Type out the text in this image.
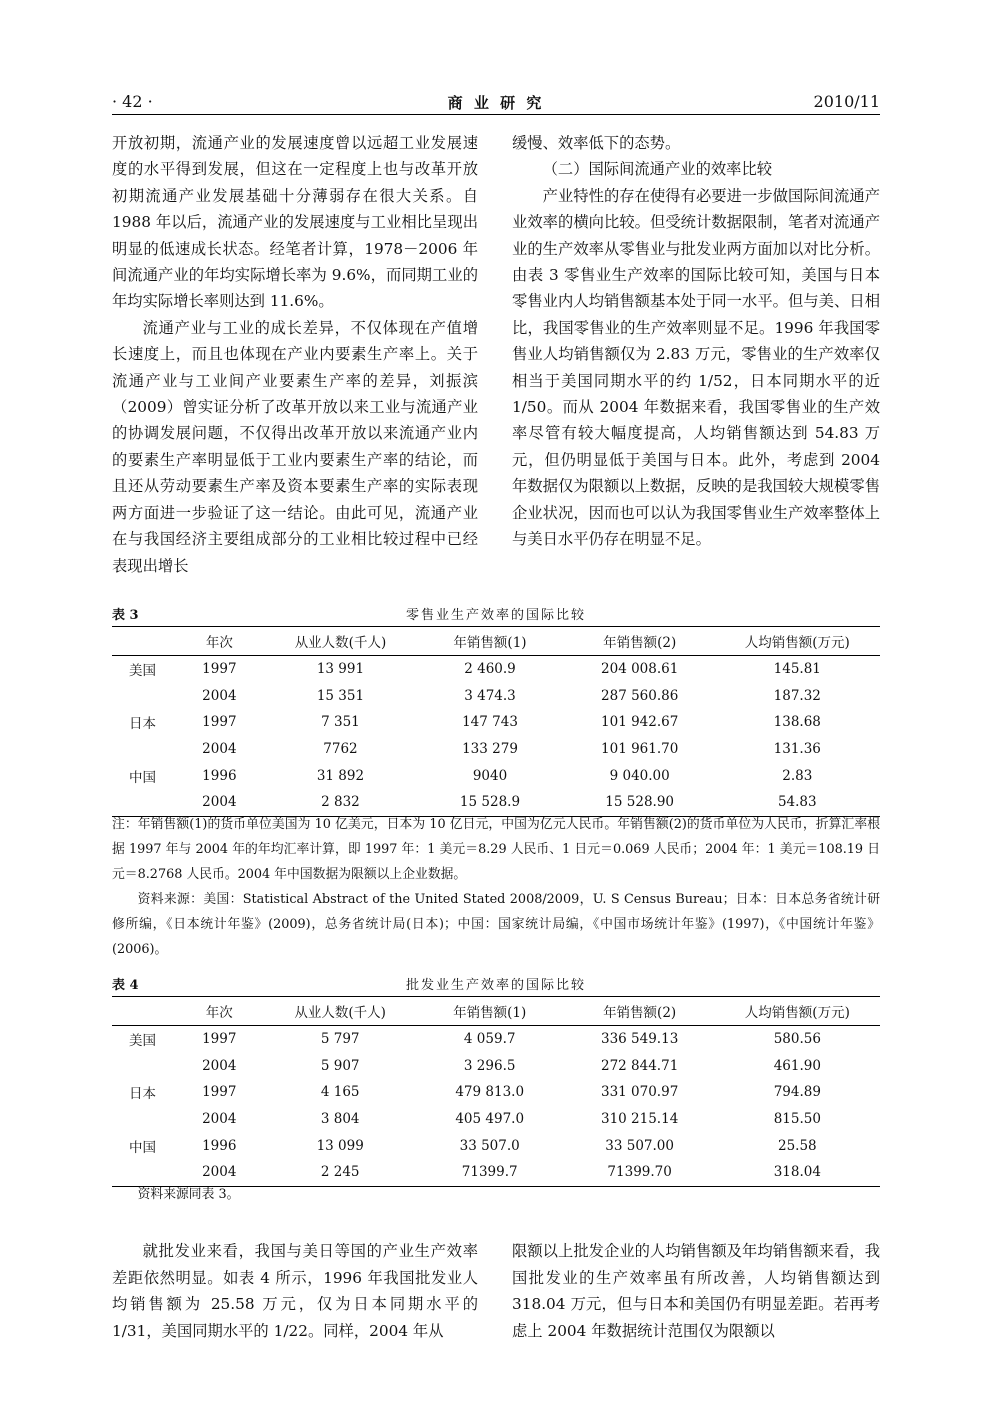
· 42 ·	商 业 研 究	2010/11

开放初期，流通产业的发展速度曾以远超工业发展速度的水平得到发展，但这在一定程度上也与改革开放初期流通产业发展基础十分薄弱存在很大关系。自 1988 年以后，流通产业的发展速度与工业相比呈现出明显的低速成长状态。经笔者计算，1978－2006 年间流通产业的年均实际增长率为 9.6%，而同期工业的年均实际增长率则达到 11.6%。

流通产业与工业的成长差异，不仅体现在产值增长速度上，而且也体现在产业内要素生产率上。关于流通产业与工业间产业要素生产率的差异，刘振滨（2009）曾实证分析了改革开放以来工业与流通产业的协调发展问题，不仅得出改革开放以来流通产业内的要素生产率明显低于工业内要素生产率的结论，而且还从劳动要素生产率及资本要素生产率的实际表现两方面进一步验证了这一结论。由此可见，流通产业在与我国经济主要组成部分的工业相比较过程中已经表现出增长

缓慢、效率低下的态势。

（二）国际间流通产业的效率比较

产业特性的存在使得有必要进一步做国际间流通产业效率的横向比较。但受统计数据限制，笔者对流通产业的生产效率从零售业与批发业两方面加以对比分析。由表 3 零售业生产效率的国际比较可知，美国与日本零售业内人均销售额基本处于同一水平。但与美、日相比，我国零售业的生产效率则显不足。1996 年我国零售业人均销售额仅为 2.83 万元，零售业的生产效率仅相当于美国同期水平的约 1/52，日本同期水平的近 1/50。而从 2004 年数据来看，我国零售业的生产效率尽管有较大幅度提高，人均销售额达到 54.83 万元，但仍明显低于美国与日本。此外，考虑到 2004 年数据仅为限额以上数据，反映的是我国较大规模零售企业状况，因而也可以认为我国零售业生产效率整体上与美日水平仍存在明显不足。

表 3	零售业生产效率的国际比较
	年次	从业人数(千人)	年销售额(1)	年销售额(2)	人均销售额(万元)
美国	1997	13 991	2 460.9	204 008.61	145.81
	2004	15 351	3 474.3	287 560.86	187.32
日本	1997	7 351	147 743	101 942.67	138.68
	2004	7762	133 279	101 961.70	131.36
中国	1996	31 892	9040	9 040.00	2.83
	2004	2 832	15 528.9	15 528.90	54.83

注：年销售额(1)的货币单位美国为 10 亿美元，日本为 10 亿日元，中国为亿元人民币。年销售额(2)的货币单位为人民币，折算汇率根据 1997 年与 2004 年的年均汇率计算，即 1997 年：1 美元＝8.29 人民币、1 日元＝0.069 人民币；2004 年：1 美元＝108.19 日元＝8.2768 人民币。2004 年中国数据为限额以上企业数据。

资料来源：美国：Statistical Abstract of the United Stated 2008/2009，U. S Census Bureau；日本：日本总务省统计研修所编，《日本统计年鉴》(2009)，总务省统计局(日本)；中国：国家统计局编，《中国市场统计年鉴》(1997)，《中国统计年鉴》(2006)。

表 4	批发业生产效率的国际比较
	年次	从业人数(千人)	年销售额(1)	年销售额(2)	人均销售额(万元)
美国	1997	5 797	4 059.7	336 549.13	580.56
	2004	5 907	3 296.5	272 844.71	461.90
日本	1997	4 165	479 813.0	331 070.97	794.89
	2004	3 804	405 497.0	310 215.14	815.50
中国	1996	13 099	33 507.0	33 507.00	25.58
	2004	2 245	71399.7	71399.70	318.04

资料来源同表 3。

就批发业来看，我国与美日等国的产业生产效率差距依然明显。如表 4 所示，1996 年我国批发业人均销售额为 25.58 万元，仅为日本同期水平的 1/31，美国同期水平的 1/22。同样，2004 年从

限额以上批发企业的人均销售额及年均销售额来看，我国批发业的生产效率虽有所改善，人均销售额达到 318.04 万元，但与日本和美国仍有明显差距。若再考虑上 2004 年数据统计范围仅为限额以
